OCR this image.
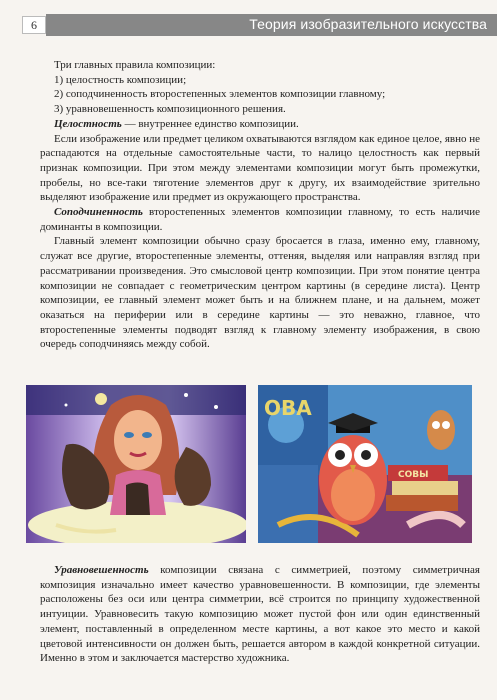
6	Теория изобразительного искусства

Три главных правила композиции:

1) целостность композиции;

2) соподчиненность второстепенных элементов композиции главному;

3) уравновешенность композиционного решения.

Целостность — внутреннее единство композиции.

Если изображение или предмет целиком охватываются взглядом как единое целое, явно не распадаются на отдельные самостоятельные части, то налицо целостность как первый признак композиции. При этом между элементами композиции могут быть промежутки, пробелы, но все-таки тяготение элементов друг к другу, их взаимодействие зрительно выделяют изображение или предмет из окружающего пространства.

Соподчиненность второстепенных элементов композиции главному, то есть наличие доминанты в композиции.

Главный элемент композиции обычно сразу бросается в глаза, именно ему, главному, служат все другие, второстепенные элементы, оттеняя, выделяя или направляя взгляд при рассматривании произведения. Это смысловой центр композиции. При этом понятие центра композиции не совпадает с геометрическим центром картины (в середине листа). Центр композиции, ее главный элемент может быть и на ближнем плане, и на дальнем, может оказаться на периферии или в середине картины — это неважно, главное, что второстепенные элементы подводят взгляд к главному элементу изображения, в свою очередь соподчиняясь между собой.

ОВА
СОВЫ

Уравновешенность композиции связана с симметрией, поэтому симметричная композиция изначально имеет качество уравновешенности. В композиции, где элементы расположены без оси или центра симметрии, всё строится по принципу художественной интуиции. Уравновесить такую композицию может пустой фон или один единственный элемент, поставленный в определенном месте картины, а вот какое это место и какой цветовой интенсивности он должен быть, решается автором в каждой конкретной ситуации. Именно в этом и заключается мастерство художника.
